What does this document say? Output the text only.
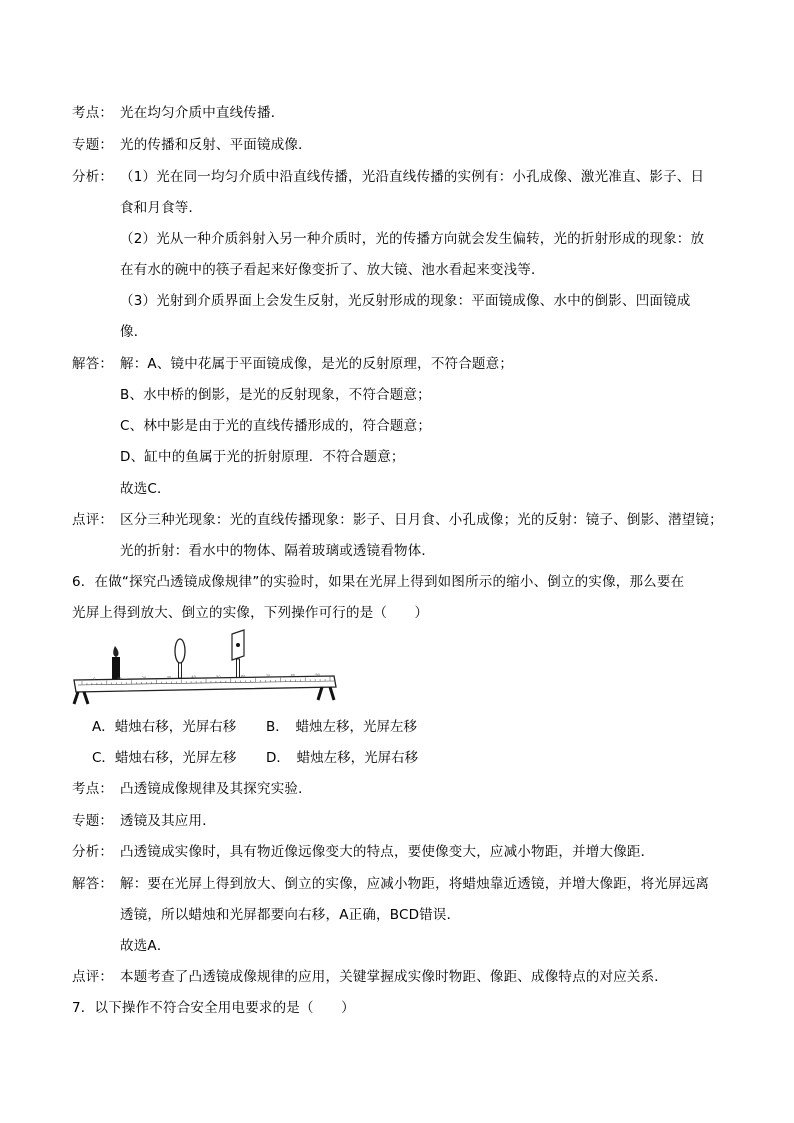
考点： 光在均匀介质中直线传播．
专题： 光的传播和反射、平面镜成像．
分析： （1）光在同一均匀介质中沿直线传播，光沿直线传播的实例有：小孔成像、激光准直、影子、日
食和月食等．
（2）光从一种介质斜射入另一种介质时，光的传播方向就会发生偏转，光的折射形成的现象：放
在有水的碗中的筷子看起来好像变折了、放大镜、池水看起来变浅等．
（3）光射到介质界面上会发生反射，光反射形成的现象：平面镜成像、水中的倒影、凹面镜成
像．
解答： 解：A、镜中花属于平面镜成像，是光的反射原理，不符合题意；
B、水中桥的倒影，是光的反射现象，不符合题意；
C、林中影是由于光的直线传播形成的，符合题意；
D、缸中的鱼属于光的折射原理．不符合题意；
故选C．
点评： 区分三种光现象：光的直线传播现象：影子、日月食、小孔成像；光的反射：镜子、倒影、潜望镜；
光的折射：看水中的物体、隔着玻璃或透镜看物体．
6．在做“探究凸透镜成像规律”的实验时，如果在光屏上得到如图所示的缩小、倒立的实像，那么要在
光屏上得到放大、倒立的实像，下列操作可行的是（　　）
0	10	20	30	40	50	60	70	80	90
A．蜡烛右移，光屏右移 B．　蜡烛左移，光屏左移
C．蜡烛右移，光屏左移 D．　蜡烛左移，光屏右移
考点： 凸透镜成像规律及其探究实验．
专题： 透镜及其应用．
分析： 凸透镜成实像时，具有物近像远像变大的特点，要使像变大，应减小物距，并增大像距．
解答： 解：要在光屏上得到放大、倒立的实像，应减小物距，将蜡烛靠近透镜，并增大像距，将光屏远离
透镜，所以蜡烛和光屏都要向右移，A正确，BCD错误．
故选A．
点评： 本题考查了凸透镜成像规律的应用，关键掌握成实像时物距、像距、成像特点的对应关系．
7．以下操作不符合安全用电要求的是（　　）
